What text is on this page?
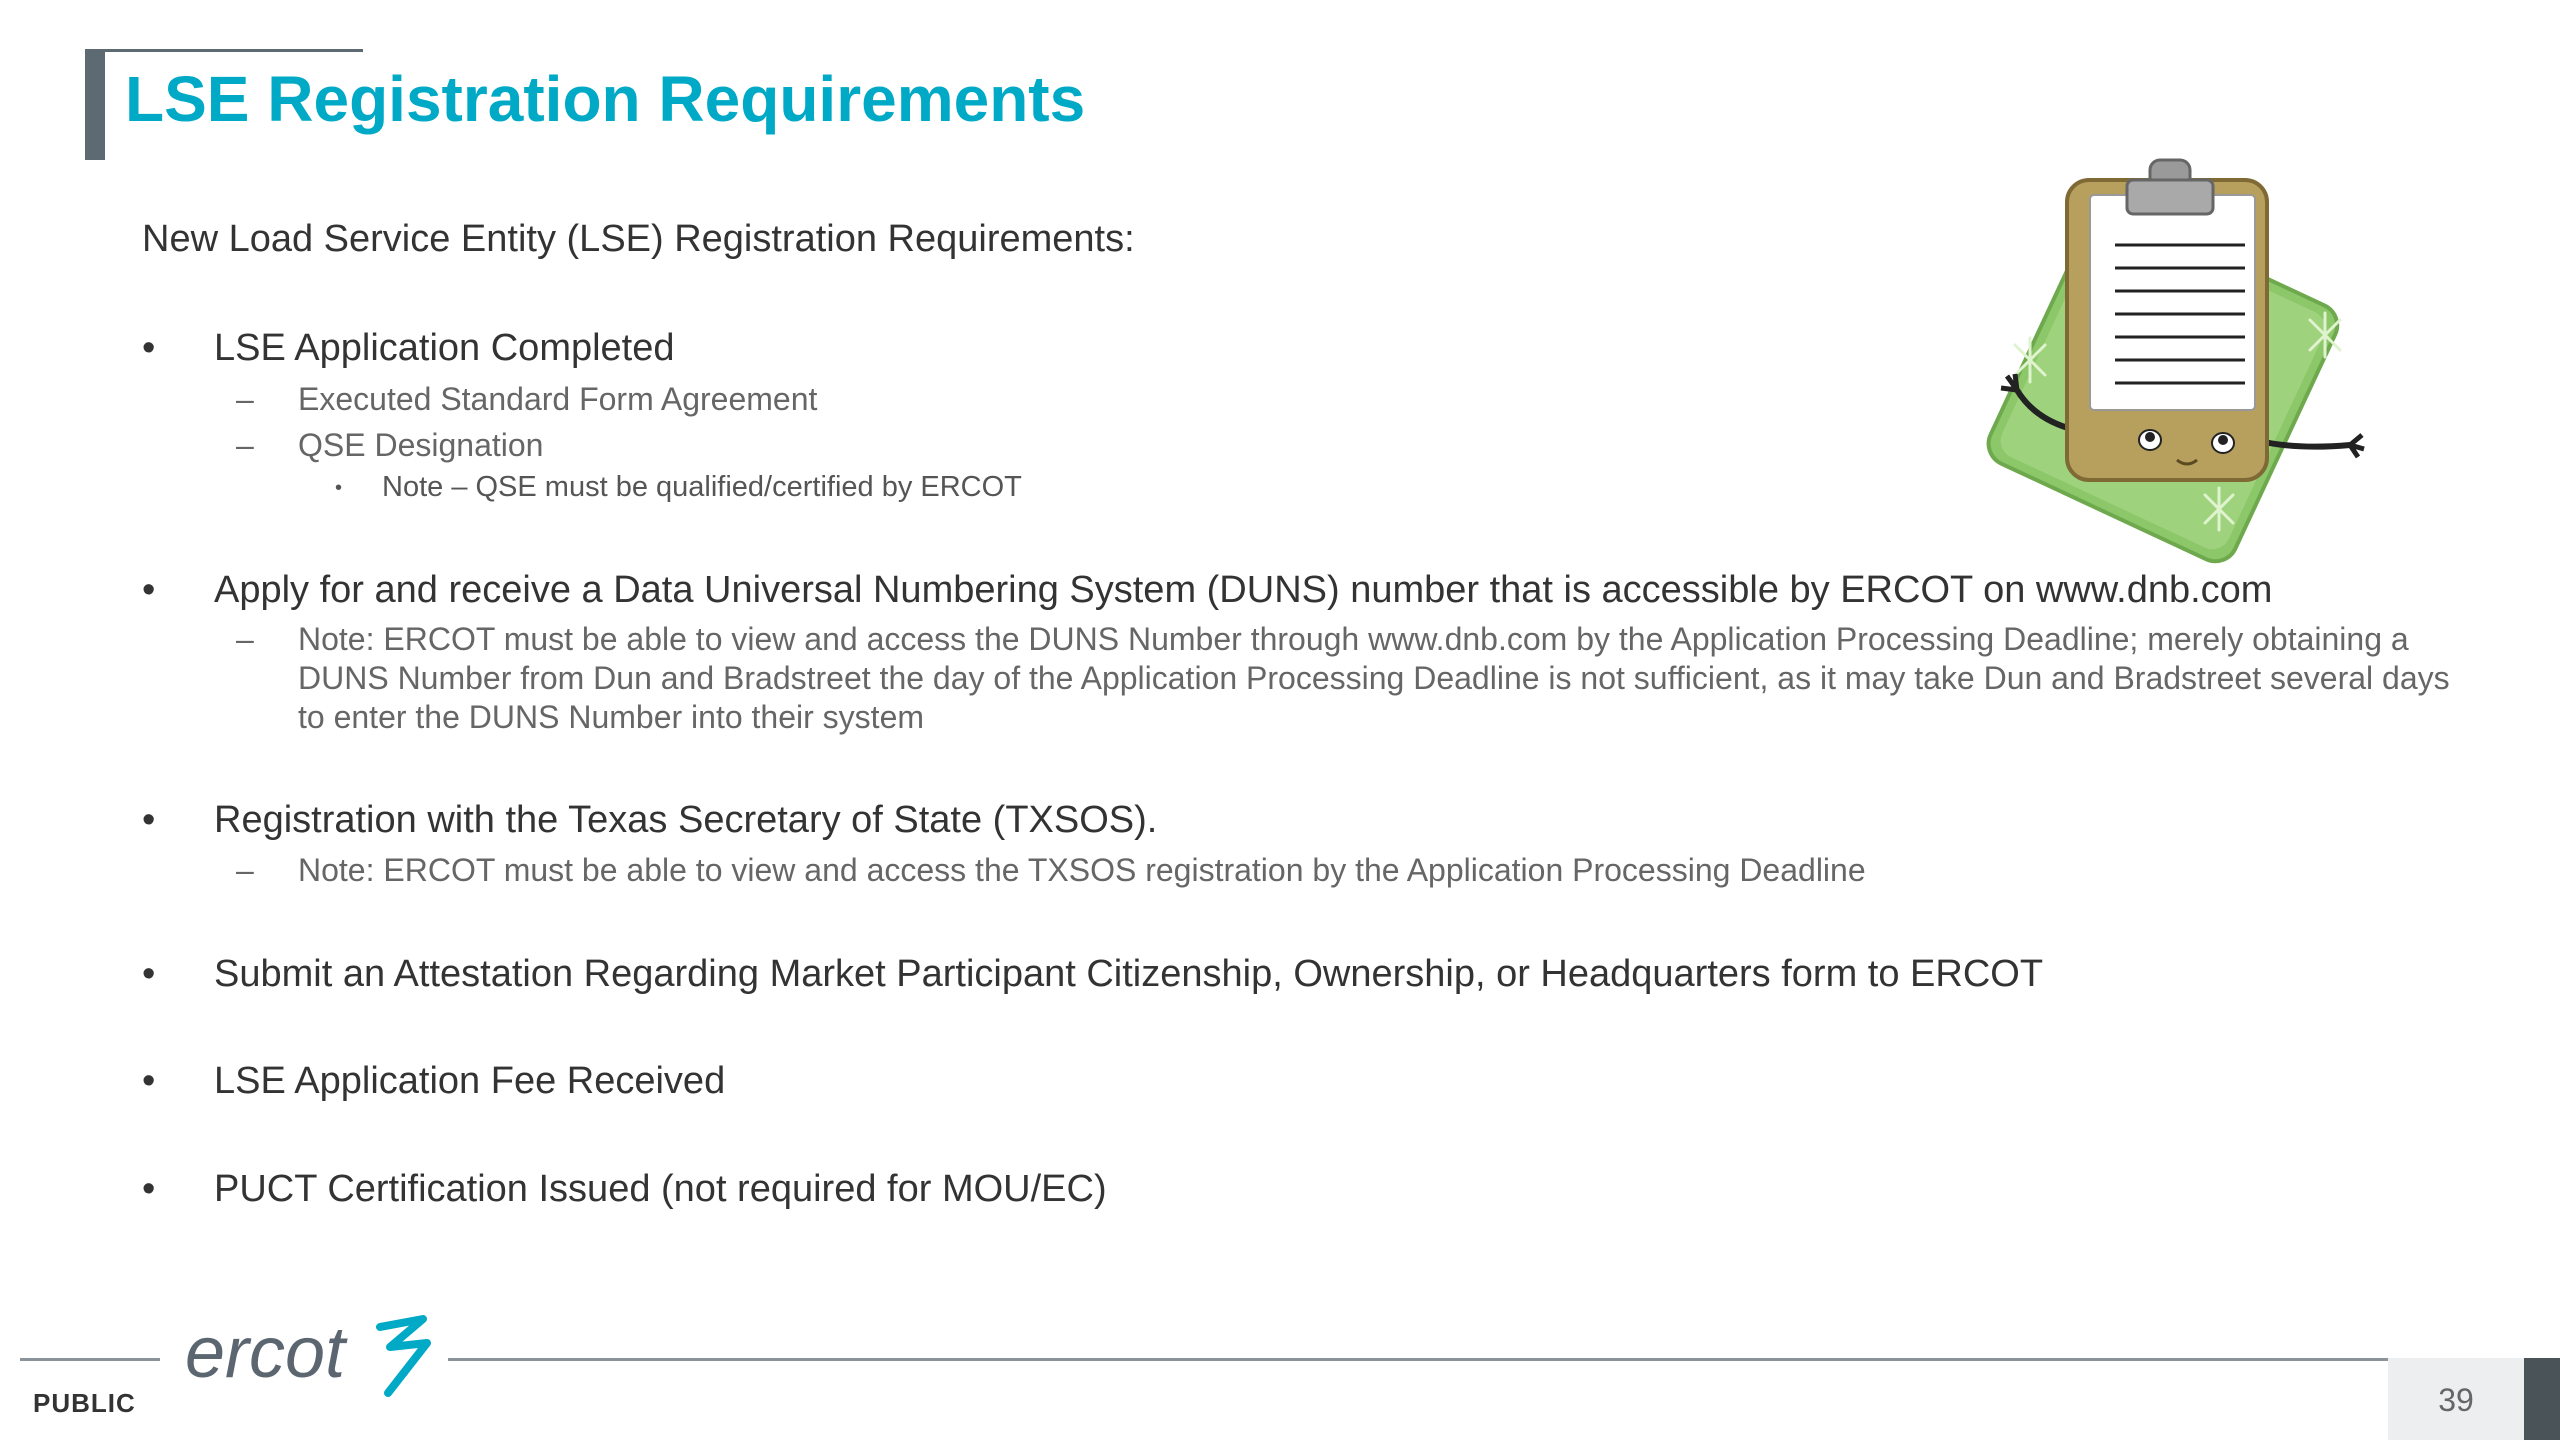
LSE Registration Requirements
New Load Service Entity (LSE) Registration Requirements:
•	LSE Application Completed
– Executed Standard Form Agreement
– QSE Designation
• Note – QSE must be qualified/certified by ERCOT
•	Apply for and receive a Data Universal Numbering System (DUNS) number that is accessible by ERCOT on www.dnb.com
– Note: ERCOT must be able to view and access the DUNS Number through www.dnb.com by the Application Processing Deadline; merely obtaining a DUNS Number from Dun and Bradstreet the day of the Application Processing Deadline is not sufficient, as it may take Dun and Bradstreet several days to enter the DUNS Number into their system
•	Registration with the Texas Secretary of State (TXSOS).
– Note: ERCOT must be able to view and access the TXSOS registration by the Application Processing Deadline
•	Submit an Attestation Regarding Market Participant Citizenship, Ownership, or Headquarters form to ERCOT
•	LSE Application Fee Received
•	PUCT Certification Issued (not required for MOU/EC)
ercot
PUBLIC	39
